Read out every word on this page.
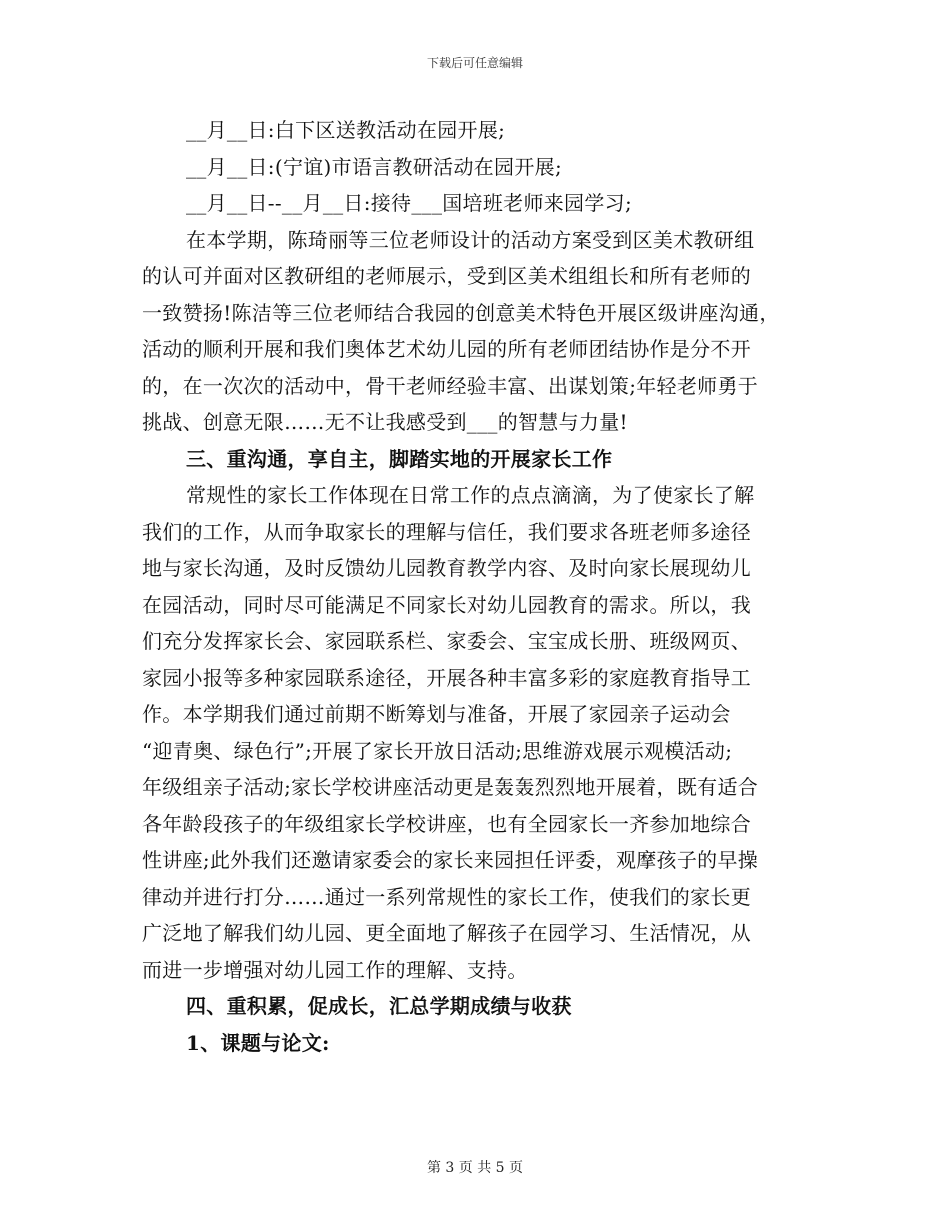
下载后可任意编辑
__月__日:白下区送教活动在园开展;
__月__日:(宁谊)市语言教研活动在园开展;
__月__日--__月__日:接待___国培班老师来园学习;
在本学期，陈琦丽等三位老师设计的活动方案受到区美术教研组
的认可并面对区教研组的老师展示，受到区美术组组长和所有老师的
一致赞扬!陈洁等三位老师结合我园的创意美术特色开展区级讲座沟通，
活动的顺利开展和我们奥体艺术幼儿园的所有老师团结协作是分不开
的，在一次次的活动中，骨干老师经验丰富、出谋划策;年轻老师勇于
挑战、创意无限……无不让我感受到___的智慧与力量!
三、重沟通，享自主，脚踏实地的开展家长工作
常规性的家长工作体现在日常工作的点点滴滴，为了使家长了解
我们的工作，从而争取家长的理解与信任，我们要求各班老师多途径
地与家长沟通，及时反馈幼儿园教育教学内容、及时向家长展现幼儿
在园活动，同时尽可能满足不同家长对幼儿园教育的需求。所以，我
们充分发挥家长会、家园联系栏、家委会、宝宝成长册、班级网页、
家园小报等多种家园联系途径，开展各种丰富多彩的家庭教育指导工
作。本学期我们通过前期不断筹划与准备，开展了家园亲子运动会
“迎青奥、绿色行”;开展了家长开放日活动;思维游戏展示观模活动;
年级组亲子活动;家长学校讲座活动更是轰轰烈烈地开展着，既有适合
各年龄段孩子的年级组家长学校讲座，也有全园家长一齐参加地综合
性讲座;此外我们还邀请家委会的家长来园担任评委，观摩孩子的早操
律动并进行打分……通过一系列常规性的家长工作，使我们的家长更
广泛地了解我们幼儿园、更全面地了解孩子在园学习、生活情况，从
而进一步增强对幼儿园工作的理解、支持。
四、重积累，促成长，汇总学期成绩与收获
1、课题与论文:
第 3 页 共 5 页
